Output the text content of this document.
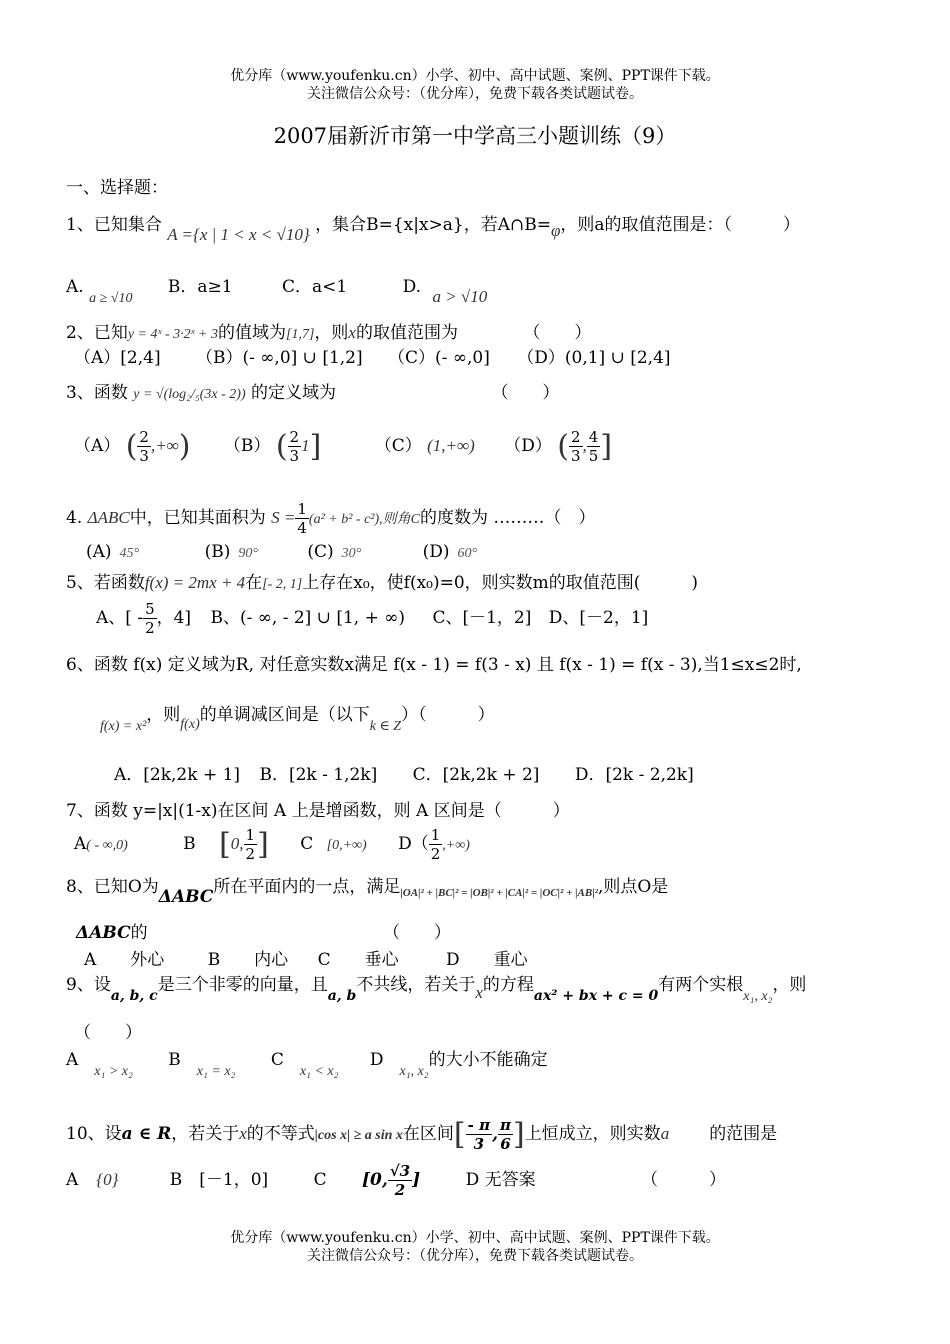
优分库（www.youfenku.cn）小学、初中、高中试题、案例、PPT课件下载。
关注微信公众号：（优分库），免费下载各类试题试卷。
2007届新沂市第一中学高三小题训练（9）
一、选择题：
1、已知集合 A ={x | 1 < x < √10} ，集合B={x|x>a}，若A∩B=φ，则a的取值范围是：（　　　）
A. $_{a \ge √10}$ B．a≥1	C．a<1	D. a > √10
2、已知y = 4ˣ - 3·2ˣ + 3的值域为[1,7]，则x的取值范围为	（　　）
（A）[2,4] （B）(- ∞,0] ∪ [1,2] （C）(- ∞,0] （D）(0,1] ∪ [2,4]
3、函数 y = √(log₂/₅(3x - 2)) 的定义域为	（　　）
（A） ( $\frac{2}{3}$ ,+∞) （B） ( $\frac{2}{3} 1$]	（C） (1,+∞) （D） ( $\frac{2}{3}$ , $\frac{4}{5}$ ]
4. ΔABC中，已知其面积为 $S = \frac{1}{4} (a^2 + b^2 - c^2)$,则角C的度数为 ………（　）
(A) 45°	(B) 90°	(C) 30°	(D) 60°
5、若函数f(x) = 2mx + 4在[- 2, 1]上存在x₀，使f(x₀)=0，则实数m的取值范围(　　　)
A、[ - $\frac{5}{2}$ ，4] B、(- ∞, - 2] ∪ [1, + ∞) C、[－1，2] D、[－2，1]
6、函数 f(x) 定义域为R, 对任意实数x满足 f(x - 1) = f(3 - x) 且 f(x - 1) = f(x - 3),当1≤x≤2时,
$_{f(x) = x^2}$，则$_{f(x)}$的单调减区间是（以下$_{k \in Z}$）（　　　）
A．[2k,2k + 1] B．[2k - 1,2k] C．[2k,2k + 2] D．[2k - 2,2k]
7、函数 y=|x|(1-x)在区间 A 上是增函数，则 A 区间是（　　　）
A( - ∞,0)	B [0, $\frac{1}{2}$ ] C [0,+∞) $D( \frac{1}{2}$ ,+∞)
8、已知O为ΔABC所在平面内的一点，满足$_{|OA|^2 + |BC|^2 = |OB|^2 + |CA|^2 = |OC|^2 + |AB|^2}$,则点O是
ΔABC的	（　　）
A　　外心	B　　内心 C　　垂心	D　　重心
9、设$_{a, b, c}$是三个非零的向量，且$_{a, b}$不共线，若关于x的方程$_{ax^2 + bx + c = 0}$有两个实根$_{x_1, x_2}$，则
（　　）
$A_{x_1 > x_2}$ $B_{x_1 = x_2}$ $C_{x_1 < x_2}$ $D_{x_1, x_2}$的大小不能确定
10、设a ∈ R，若关于x的不等式|cos x| ≥ a sin x在区间[ $\frac{- \pi}{3}$ , $\frac{\pi}{6}$ ]上恒成立，则实数a 的范围是
A {0}	B　[－1，0]	C [0, $\frac{√3}{2}$ ]	D 无答案	（　　　）
优分库（www.youfenku.cn）小学、初中、高中试题、案例、PPT课件下载。
关注微信公众号：（优分库），免费下载各类试题试卷。
